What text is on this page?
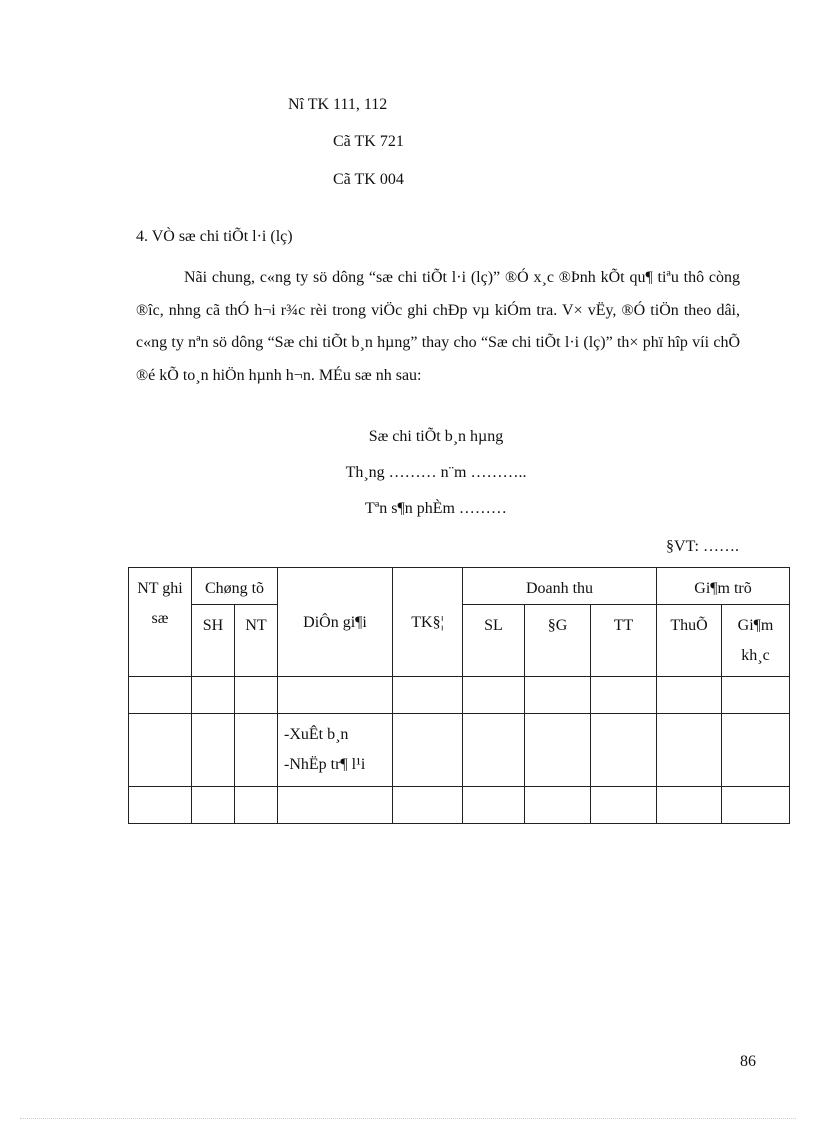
Nî TK 111, 112
Cã TK 721
Cã TK 004
4. VÒ sæ chi tiÕt l·i (lç)
Nãi chung, c«ng ty sö dông “sæ chi tiÕt l·i (lç)” ®Ó x¸c ®Þnh kÕt qu¶ tiªu thô còng ®îc, nhng cã thÓ h¬i r¾c rèi trong viÖc ghi chÐp vµ kiÓm tra. V× vËy, ®Ó tiÖn theo dâi, c«ng ty nªn sö dông “Sæ chi tiÕt b¸n hµng” thay cho “Sæ chi tiÕt l·i (lç)” th× phï hîp víi chÕ ®é kÕ to¸n hiÖn hµnh h¬n. MÉu sæ nh sau:
Sæ chi tiÕt b¸n hµng
Th¸ng ……… n¨m ………..
Tªn s¶n phÈm ………
§VT: …….
NT ghi sæ	Chøng tõ		DiÔn gi¶i	TK§¦	Doanh thu			Gi¶m trõ	
	SH	NT			SL	§G	TT	ThuÕ	Gi¶m kh¸c

			-XuÊt b¸n
-NhËp tr¶ l¹i						

86
